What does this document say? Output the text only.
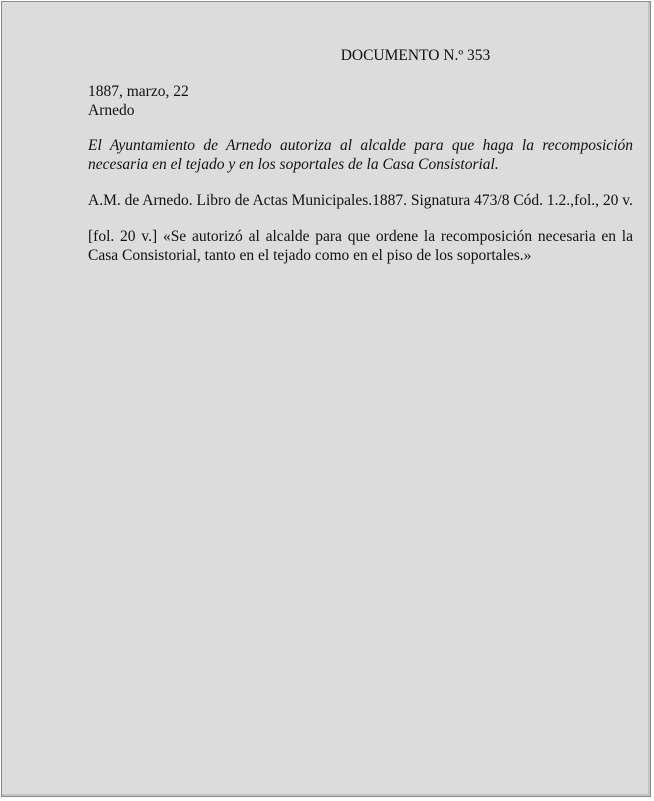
DOCUMENTO N.º 353

1887, marzo, 22

Arnedo

El Ayuntamiento de Arnedo autoriza al alcalde para que haga la recomposición necesaria en el tejado y en los soportales de la Casa Consistorial.

A.M. de Arnedo. Libro de Actas Municipales.1887. Signatura 473/8 Cód. 1.2.,fol., 20 v.

[fol. 20 v.] «Se autorizó al alcalde para que ordene la recomposición necesaria en la Casa Consistorial, tanto en el tejado como en el piso de los soportales.»
